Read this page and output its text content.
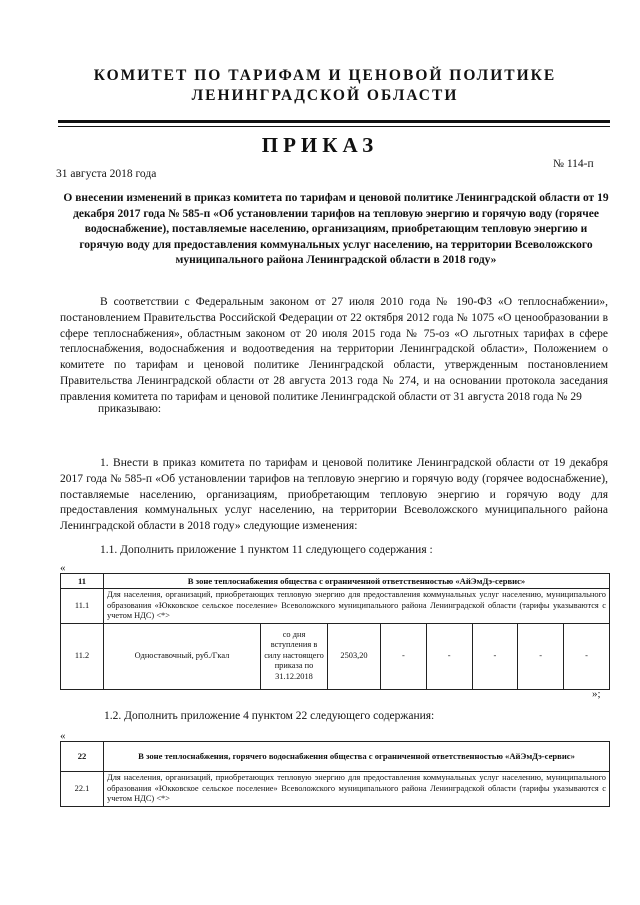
КОМИТЕТ ПО ТАРИФАМ И ЦЕНОВОЙ ПОЛИТИКЕ
ЛЕНИНГРАДСКОЙ ОБЛАСТИ
ПРИКАЗ
№ 114-п
31 августа 2018 года
О внесении изменений в приказ комитета по тарифам и ценовой политике Ленинградской области от 19 декабря 2017 года № 585-п «Об установлении тарифов на тепловую энергию и горячую воду (горячее водоснабжение), поставляемые населению, организациям, приобретающим тепловую энергию и горячую воду для предоставления коммунальных услуг населению, на территории Всеволожского муниципального района Ленинградской области в 2018 году»
В соответствии с Федеральным законом от 27 июля 2010 года № 190-ФЗ «О теплоснабжении», постановлением Правительства Российской Федерации от 22 октября 2012 года № 1075 «О ценообразовании в сфере теплоснабжения», областным законом от 20 июля 2015 года № 75-оз «О льготных тарифах в сфере теплоснабжения, водоснабжения и водоотведения на территории Ленинградской области», Положением о комитете по тарифам и ценовой политике Ленинградской области, утвержденным постановлением Правительства Ленинградской области от 28 августа 2013 года № 274, и на основании протокола заседания правления комитета по тарифам и ценовой политике Ленинградской области от 31 августа 2018 года № 29
приказываю:
1. Внести в приказ комитета по тарифам и ценовой политике Ленинградской области от 19 декабря 2017 года № 585-п «Об установлении тарифов на тепловую энергию и горячую воду (горячее водоснабжение), поставляемые населению, организациям, приобретающим тепловую энергию и горячую воду для предоставления коммунальных услуг населению, на территории Всеволожского муниципального района Ленинградской области в 2018 году» следующие изменения:
1.1. Дополнить приложение 1 пунктом 11 следующего содержания :
«
11	В зоне теплоснабжения общества с ограниченной ответственностью «АйЭмДэ-сервис»							
11.1	Для населения, организаций, приобретающих тепловую энергию для предоставления коммунальных услуг населению, муниципального образования «Юкковское сельское поселение» Всеволожского муниципального района Ленинградской области (тарифы указываются с учетом НДС) <*>							
11.2	Одноставочный, руб./Гкал	со дня вступления в силу настоящего приказа по 31.12.2018	2503,20	-	-	-	-	-
»;
1.2. Дополнить приложение 4 пунктом 22 следующего содержания:
«
22	В зоне теплоснабжения, горячего водоснабжения общества с ограниченной ответственностью «АйЭмДэ-сервис»
22.1	Для населения, организаций, приобретающих тепловую энергию для предоставления коммунальных услуг населению, муниципального образования «Юкковское сельское поселение» Всеволожского муниципального района Ленинградской области (тарифы указываются с учетом НДС) <*>
